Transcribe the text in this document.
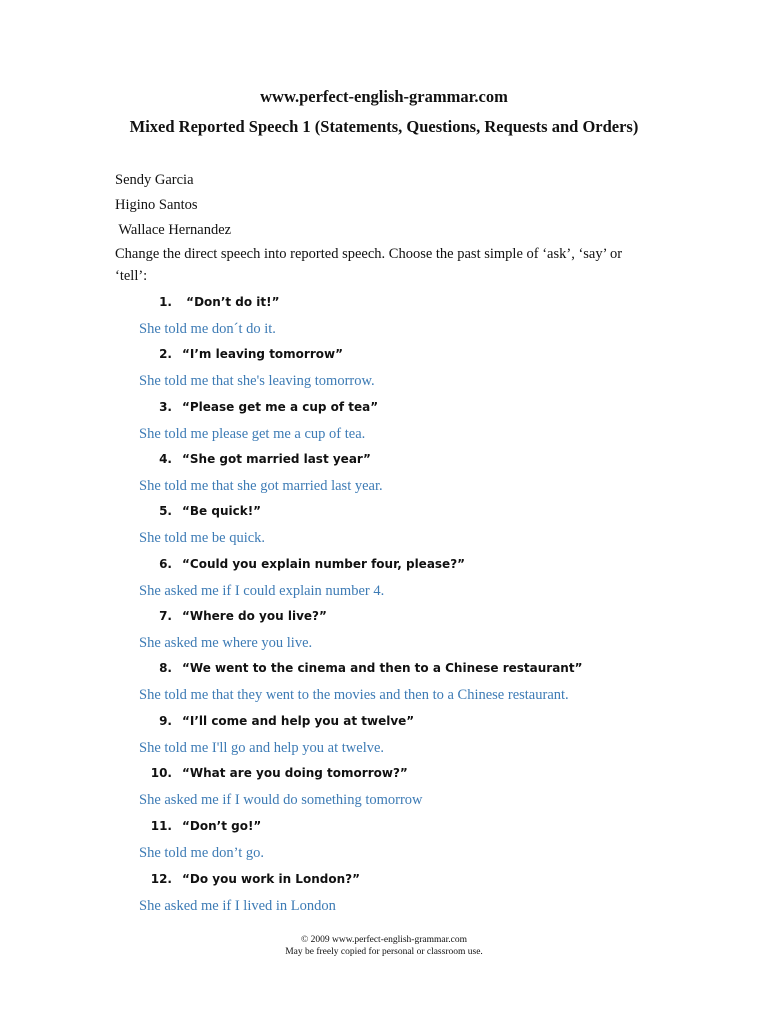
www.perfect-english-grammar.com
Mixed Reported Speech 1 (Statements, Questions, Requests and Orders)
Sendy Garcia
Higino Santos
Wallace Hernandez
Change the direct speech into reported speech. Choose the past simple of ‘ask’, ‘say’ or ‘tell’:
1. “Don’t do it!”
She told me don´t do it.
2. “I’m leaving tomorrow”
She told me that she's leaving tomorrow.
3. “Please get me a cup of tea”
She told me please get me a cup of tea.
4. “She got married last year”
She told me that she got married last year.
5. “Be quick!”
She told me be quick.
6. “Could you explain number four, please?”
She asked me if I could explain number 4.
7. “Where do you live?”
She asked me where you live.
8. “We went to the cinema and then to a Chinese restaurant”
She told me that they went to the movies and then to a Chinese restaurant.
9. “I’ll come and help you at twelve”
She told me I'll go and help you at twelve.
10. “What are you doing tomorrow?”
She asked me if I would do something tomorrow
11. “Don’t go!”
She told me don’t go.
12. “Do you work in London?”
She asked me if I lived in London
© 2009 www.perfect-english-grammar.com
May be freely copied for personal or classroom use.
